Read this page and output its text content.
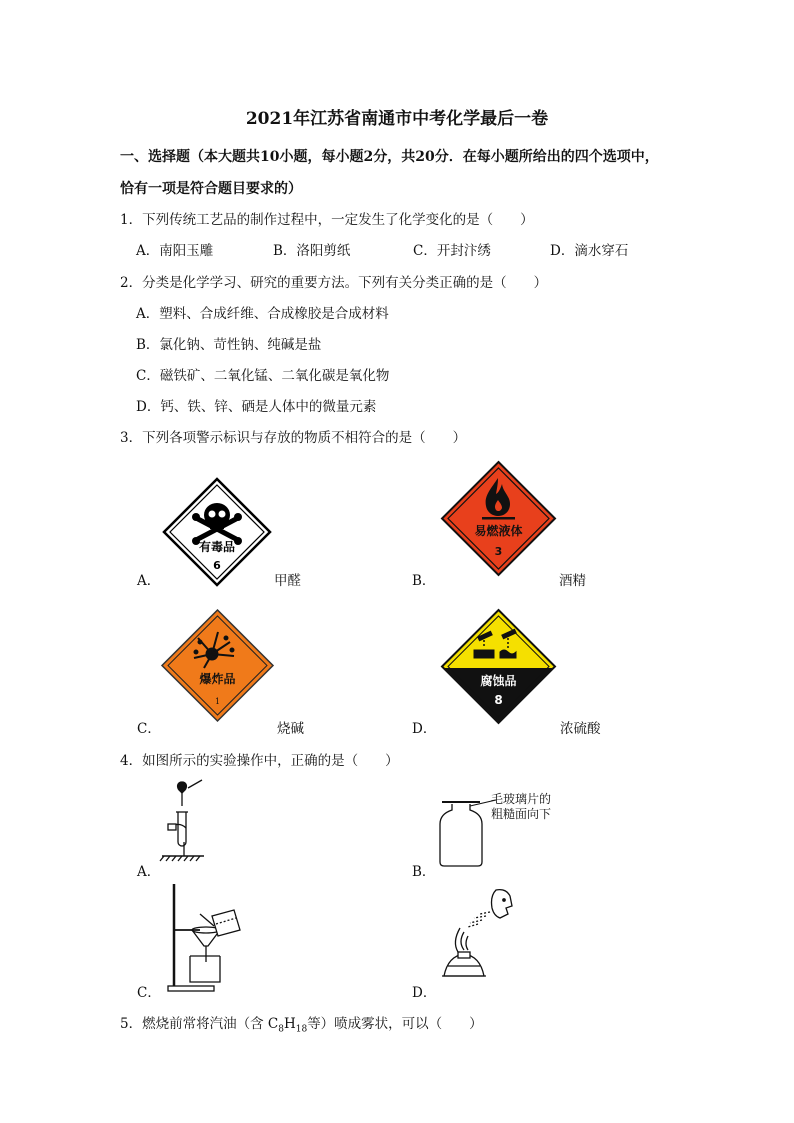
2021年江苏省南通市中考化学最后一卷
一、选择题（本大题共10小题，每小题2分，共20分．在每小题所给出的四个选项中，
恰有一项是符合题目要求的）
1．下列传统工艺品的制作过程中，一定发生了化学变化的是（　　）
A．南阳玉雕	B．洛阳剪纸	C．开封汴绣	D．滴水穿石
2．分类是化学学习、研究的重要方法。下列有关分类正确的是（　　）
A．塑料、合成纤维、合成橡胶是合成材料
B．氯化钠、苛性钠、纯碱是盐
C．磁铁矿、二氧化锰、二氧化碳是氧化物
D．钙、铁、锌、硒是人体中的微量元素
3．下列各项警示标识与存放的物质不相符合的是（　　）
有毒品
6
A．	甲醛
易燃液体
3
B．	酒精
爆炸品
1
C．	烧碱
腐蚀品
8
D．	浓硫酸
4．如图所示的实验操作中，正确的是（　　）
A．
毛玻璃片的
粗糙面向下
B．
C．	D．
5．燃烧前常将汽油（含 $C_8H_{18}$等）喷成雾状，可以（　　）
